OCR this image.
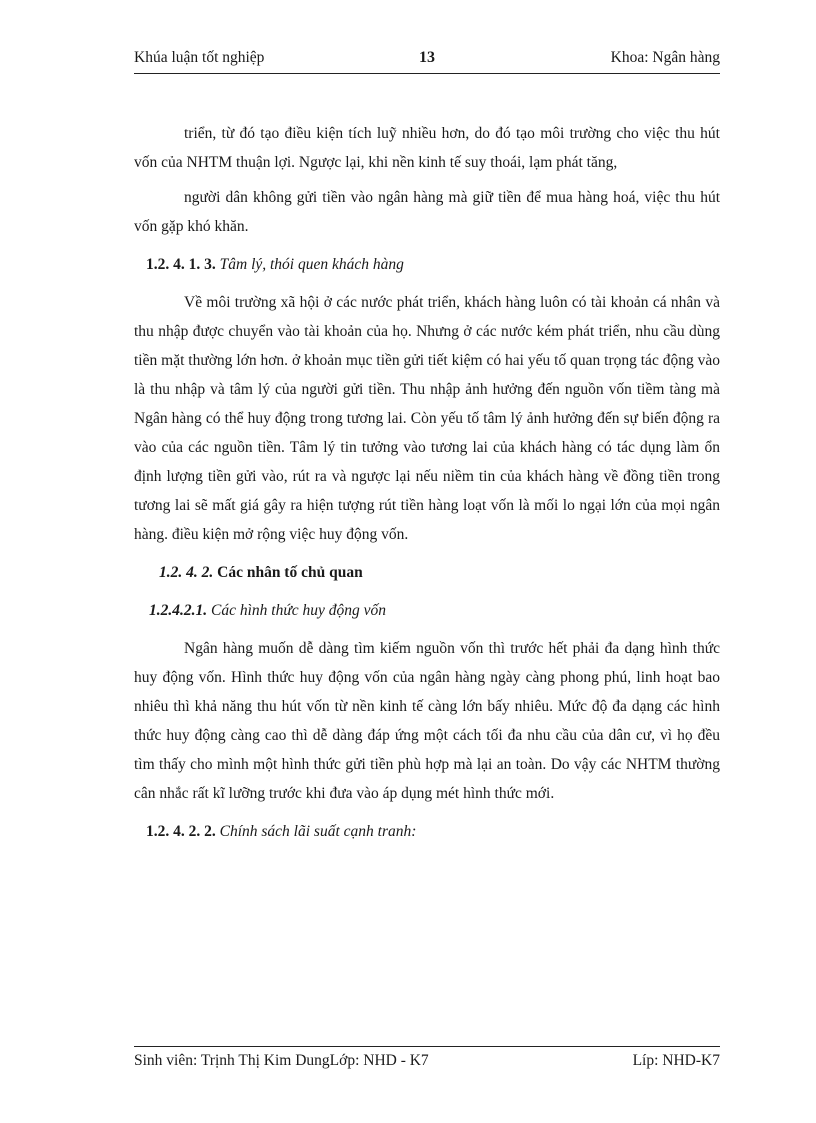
Khúa luận tốt nghiệp	13	Khoa: Ngân hàng

triển, từ đó tạo điều kiện tích luỹ nhiều hơn, do đó tạo môi trường cho việc thu hút vốn của NHTM thuận lợi. Ngược lại, khi nền kinh tế suy thoái, lạm phát tăng,

người dân không gửi tiền vào ngân hàng mà giữ tiền để mua hàng hoá, việc thu hút vốn gặp khó khăn.

1.2. 4. 1. 3. Tâm lý, thói quen khách hàng

Về môi trường xã hội ở các nước phát triển, khách hàng luôn có tài khoản cá nhân và thu nhập được chuyển vào tài khoản của họ. Nhưng ở các nước kém phát triển, nhu cầu dùng tiền mặt thường lớn hơn. ở khoản mục tiền gửi tiết kiệm có hai yếu tố quan trọng tác động vào là thu nhập và tâm lý của người gửi tiền. Thu nhập ảnh hưởng đến nguồn vốn tiềm tàng mà Ngân hàng có thể huy động trong tương lai. Còn yếu tố tâm lý ảnh hưởng đến sự biến động ra vào của các nguồn tiền. Tâm lý tin tưởng vào tương lai của khách hàng có tác dụng làm ổn định lượng tiền gửi vào, rút ra và ngược lại nếu niềm tin của khách hàng về đồng tiền trong tương lai sẽ mất giá gây ra hiện tượng rút tiền hàng loạt vốn là mối lo ngại lớn của mọi ngân hàng. điều kiện mở rộng việc huy động vốn.

1.2. 4. 2. Các nhân tố chủ quan
1.2.4.2.1. Các hình thức huy động vốn

Ngân hàng muốn dễ dàng tìm kiếm nguồn vốn thì trước hết phải đa dạng hình thức huy động vốn. Hình thức huy động vốn của ngân hàng ngày càng phong phú, linh hoạt bao nhiêu thì khả năng thu hút vốn từ nền kinh tế càng lớn bấy nhiêu. Mức độ đa dạng các hình thức huy động càng cao thì dễ dàng đáp ứng một cách tối đa nhu cầu của dân cư, vì họ đều tìm thấy cho mình một hình thức gửi tiền phù hợp mà lại an toàn. Do vậy các NHTM thường cân nhắc rất kĩ lưỡng trước khi đưa vào áp dụng mét hình thức mới.

1.2. 4. 2. 2. Chính sách lãi suất cạnh tranh:
Sinh viên: Trịnh Thị Kim DungLớp: NHD - K7	Líp: NHD-K7
